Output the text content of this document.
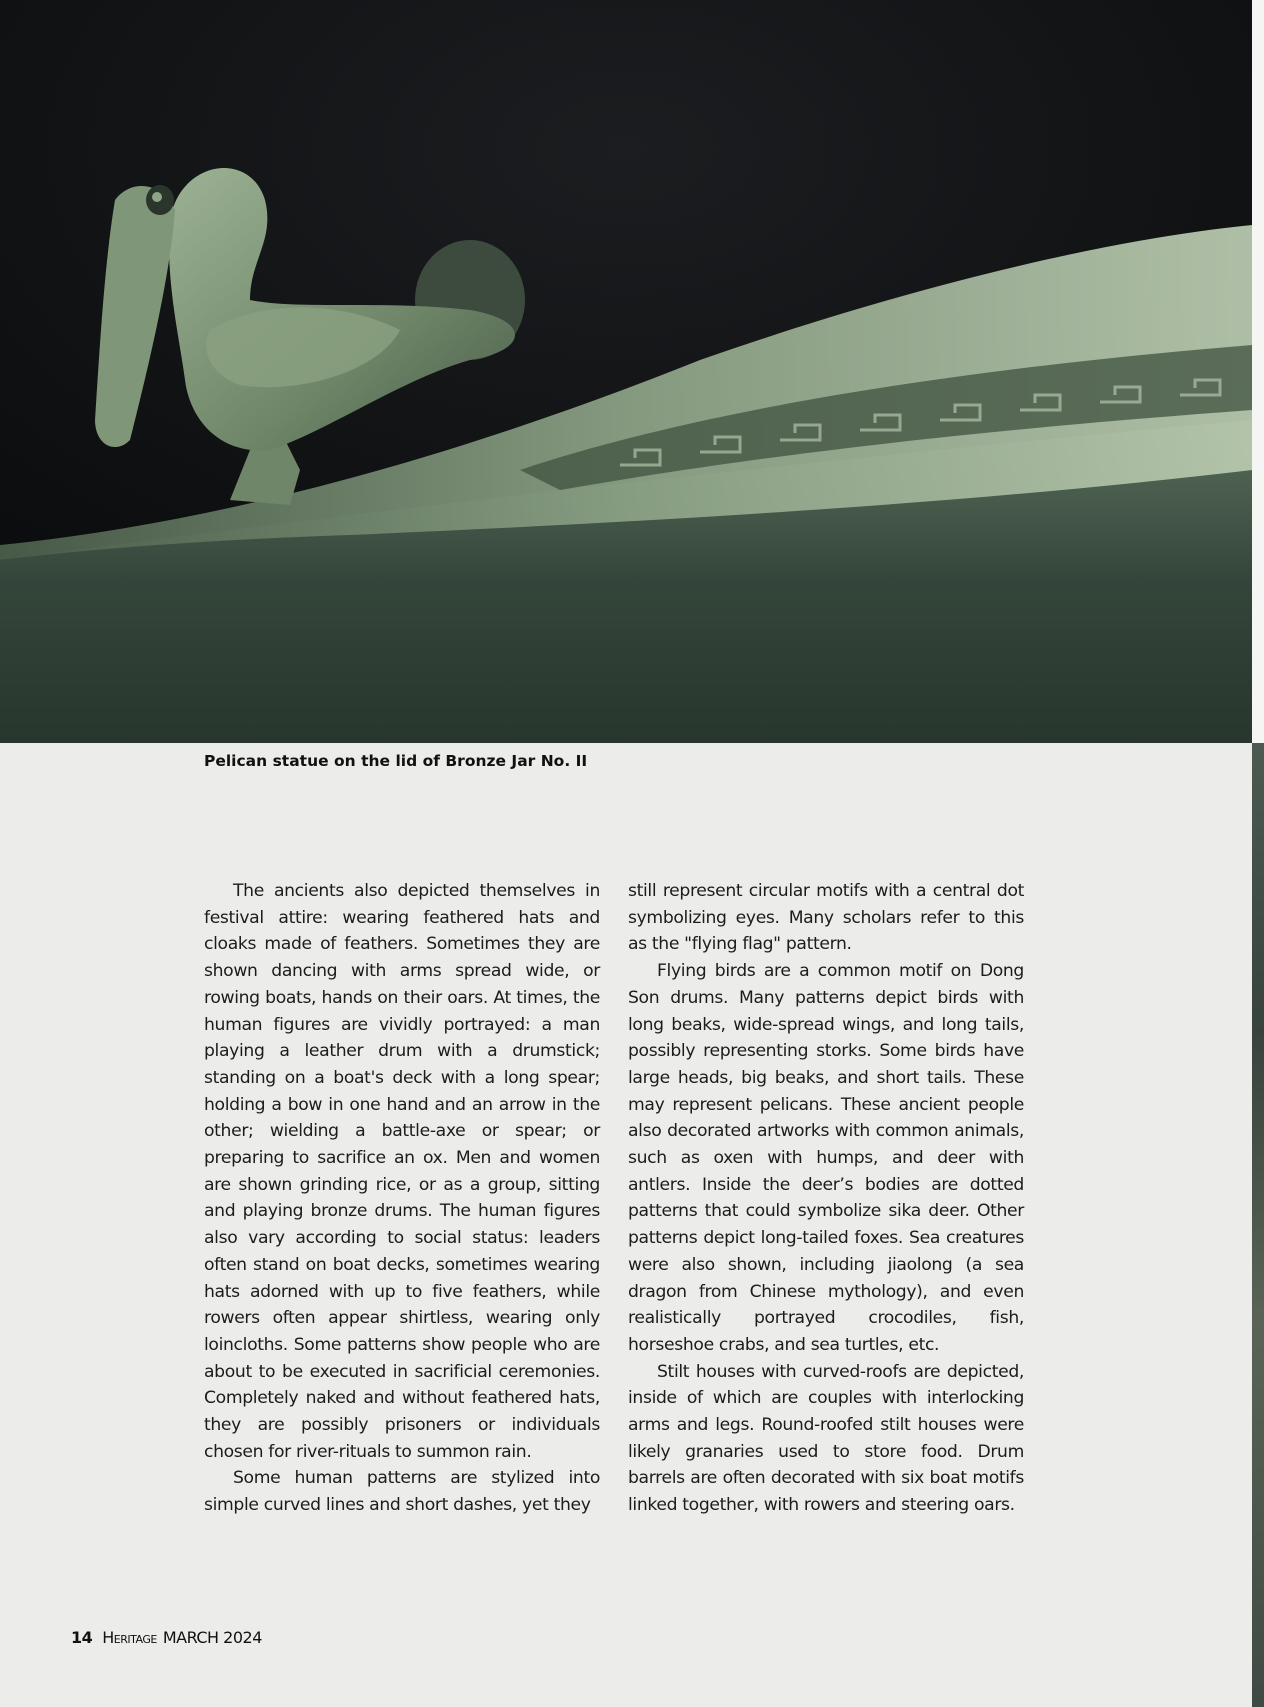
Pelican statue on the lid of Bronze Jar No. II

The ancients also depicted themselves in festival attire: wearing feathered hats and cloaks made of feathers. Sometimes they are shown dancing with arms spread wide, or rowing boats, hands on their oars. At times, the human figures are vividly portrayed: a man playing a leather drum with a drumstick; standing on a boat's deck with a long spear; holding a bow in one hand and an arrow in the other; wielding a battle-axe or spear; or preparing to sacrifice an ox. Men and women are shown grinding rice, or as a group, sitting and playing bronze drums. The human figures also vary according to social status: leaders often stand on boat decks, sometimes wearing hats adorned with up to five feathers, while rowers often appear shirtless, wearing only loincloths. Some patterns show people who are about to be executed in sacrificial ceremonies. Completely naked and without feathered hats, they are possibly prisoners or individuals chosen for river-rituals to summon rain.

Some human patterns are stylized into simple curved lines and short dashes, yet they

still represent circular motifs with a central dot symbolizing eyes. Many scholars refer to this as the "flying flag" pattern.

Flying birds are a common motif on Dong Son drums. Many patterns depict birds with long beaks, wide-spread wings, and long tails, possibly representing storks. Some birds have large heads, big beaks, and short tails. These may represent pelicans. These ancient people also decorated artworks with common animals, such as oxen with humps, and deer with antlers. Inside the deer’s bodies are dotted patterns that could symbolize sika deer. Other patterns depict long-tailed foxes. Sea creatures were also shown, including jiaolong (a sea dragon from Chinese mythology), and even realistically portrayed crocodiles, fish, horseshoe crabs, and sea turtles, etc.

Stilt houses with curved-roofs are depicted, inside of which are couples with interlocking arms and legs. Round-roofed stilt houses were likely granaries used to store food. Drum barrels are often decorated with six boat motifs linked together, with rowers and steering oars.

14 Heritage MARCH 2024
